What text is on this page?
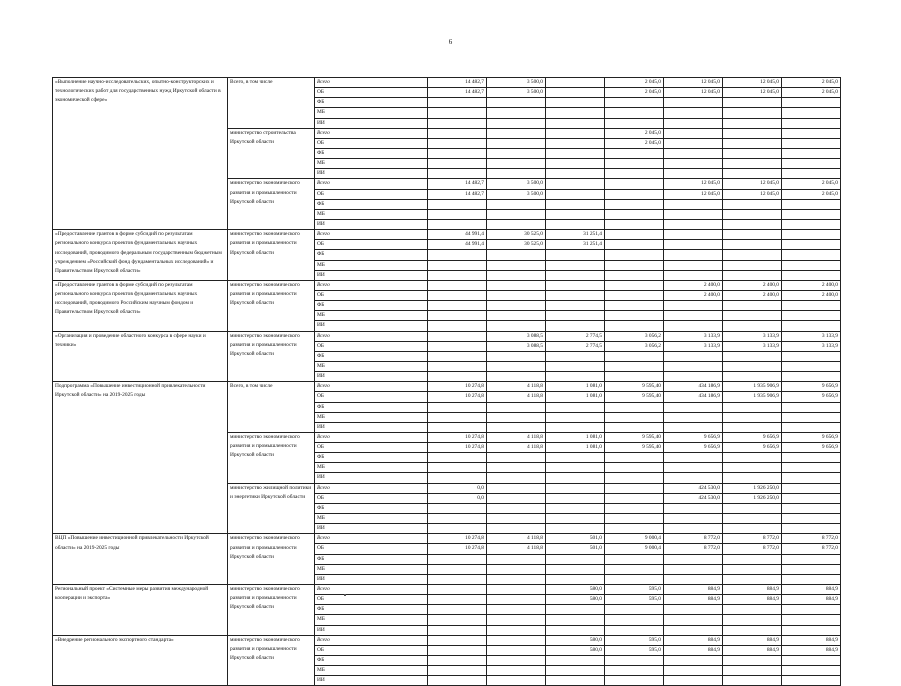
6
«Выполнение научно-исследовательских, опытно-конструкторских и технологических работ для государственных нужд Иркутской области в экономической сфере»	Всего, в том числе	Всего	14 482,7	3 500,0		2 045,0	12 045,0	12 045,0	2 045,0
		ОБ	14 482,7	3 500,0		2 045,0	12 045,0	12 045,0	2 045,0
		ФБ							
		МБ							
		ИИ							
	министерство строительства Иркутской области	Всего				2 045,0			
		ОБ				2 045,0			
		ФБ							
		МБ							
		ИИ							
	министерство экономического развития и промышленности Иркутской области	Всего	14 482,7	3 500,0			12 045,0	12 045,0	2 045,0
		ОБ	14 482,7	3 500,0			12 045,0	12 045,0	2 045,0
		ФБ							
		МБ							
		ИИ							
«Предоставление грантов в форме субсидий по результатам регионального конкурса проектов фундаментальных научных исследований, проводимого федеральным государственным бюджетным учреждением «Российский фонд фундаментальных исследований» и Правительством Иркутской области»	министерство экономического развития и промышленности Иркутской области	Всего	44 991,4	30 525,0	31 251,4				
		ОБ	44 991,4	30 525,0	31 251,4				
		ФБ							
		МБ							
		ИИ							
«Предоставление грантов в форме субсидий по результатам регионального конкурса проектов фундаментальных научных исследований, проводимого Российским научным фондом и Правительством Иркутской области»	министерство экономического развития и промышленности Иркутской области	Всего					2 400,0	2 400,0	2 400,0
		ОБ					2 400,0	2 400,0	2 400,0
		ФБ							
		МБ							
		ИИ							
«Организация и проведение областного конкурса в сфере науки и техники»	министерство экономического развития и промышленности Иркутской области	Всего		3 088,5	2 774,5	3 056,2	3 133,9	3 133,9	3 133,9
		ОБ		3 088,5	2 774,5	3 056,2	3 133,9	3 133,9	3 133,9
		ФБ							
		МБ							
		ИИ							
Подпрограмма «Повышение инвестиционной привлекательности Иркутской области» на 2019-2025 годы	Всего, в том числе	Всего	10 274,8	4 118,8	1 081,0	9 595,40	434 186,9	1 935 906,9	9 656,9
		ОБ	10 274,8	4 118,8	1 081,0	9 595,40	434 186,9	1 935 906,9	9 656,9
		ФБ							
		МБ							
		ИИ							
	министерство экономического развития и промышленности Иркутской области	Всего	10 274,8	4 118,8	1 081,0	9 595,40	9 656,9	9 656,9	9 656,9
		ОБ	10 274,8	4 118,8	1 081,0	9 595,40	9 656,9	9 656,9	9 656,9
		ФБ							
		МБ							
		ИИ							
	министерство жилищной политики и энергетики Иркутской области	Всего	0,0				424 530,0	1 926 250,0	
		ОБ	0,0				424 530,0	1 926 250,0	
		ФБ							
		МБ							
		ИИ							
ВЦП «Повышение инвестиционной привлекательности Иркутской области» на 2019-2025 годы	министерство экономического развития и промышленности Иркутской области	Всего	10 274,8	4 118,8	501,0	9 000,4	8 772,0	8 772,0	8 772,0
		ОБ	10 274,8	4 118,8	501,0	9 000,4	8 772,0	8 772,0	8 772,0
		ФБ							
		МБ							
		ИИ							
Региональный проект «Системные меры развития международной кооперации и экспорта»	министерство экономического развития и промышленности Иркутской области	Всего			580,0	595,0	884,9	884,9	884,9
		ОБ			580,0	595,0	884,9	884,9	884,9
		ФБ							
		МБ							
		ИИ							
«Внедрение регионального экспортного стандарта»	министерство экономического развития и промышленности Иркутской области	Всего			580,0	595,0	884,9	884,9	884,9
		ОБ			580,0	595,0	884,9	884,9	884,9
		ФБ							
		МБ							
		ИИ							
